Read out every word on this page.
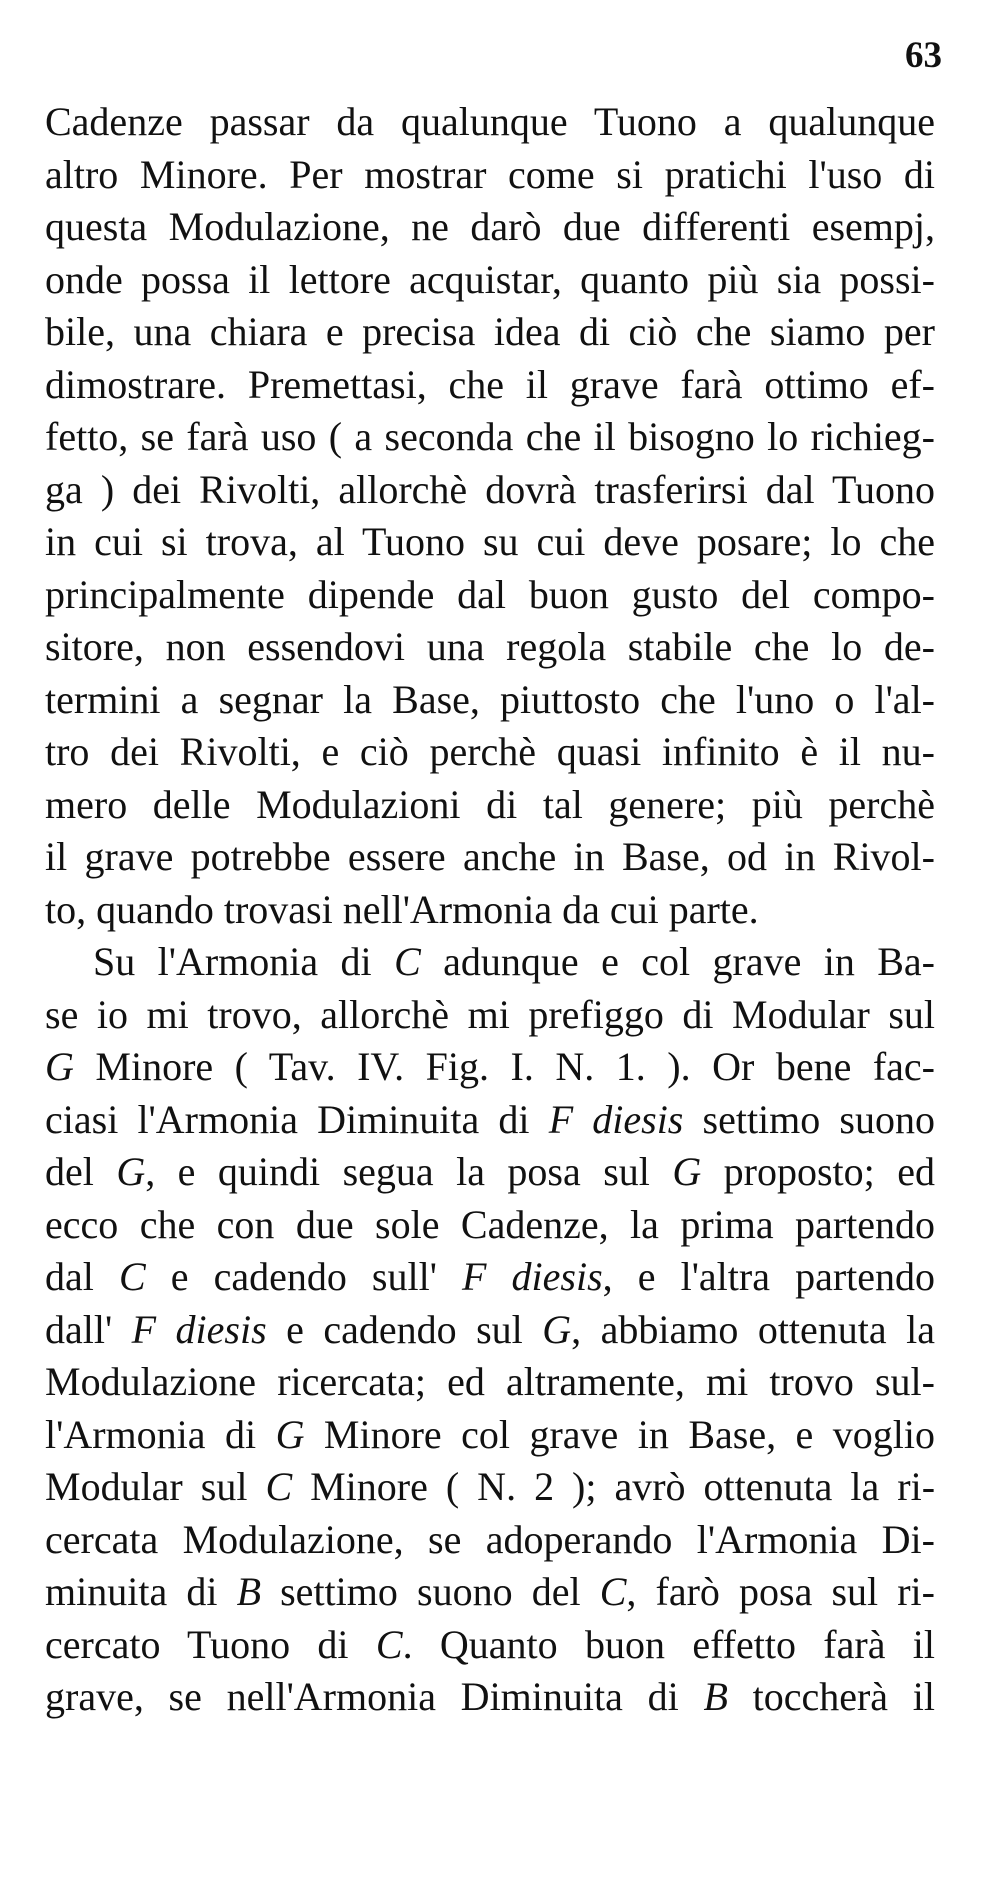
63
Cadenze passar da qualunque Tuono a qualunque
altro Minore. Per mostrar come si pratichi l'uso di
questa Modulazione, ne darò due differenti esempj,
onde possa il lettore acquistar, quanto più sia possi-
bile, una chiara e precisa idea di ciò che siamo per
dimostrare. Premettasi, che il grave farà ottimo ef-
fetto, se farà uso ( a seconda che il bisogno lo richieg-
ga ) dei Rivolti, allorchè dovrà trasferirsi dal Tuono
in cui si trova, al Tuono su cui deve posare; lo che
principalmente dipende dal buon gusto del compo-
sitore, non essendovi una regola stabile che lo de-
termini a segnar la Base, piuttosto che l'uno o l'al-
tro dei Rivolti, e ciò perchè quasi infinito è il nu-
mero delle Modulazioni di tal genere; più perchè
il grave potrebbe essere anche in Base, od in Rivol-
to, quando trovasi nell'Armonia da cui parte.
Su l'Armonia di C adunque e col grave in Ba-
se io mi trovo, allorchè mi prefiggo di Modular sul
G Minore ( Tav. IV. Fig. I. N. 1. ). Or bene fac-
ciasi l'Armonia Diminuita di F diesis settimo suono
del G, e quindi segua la posa sul G proposto; ed
ecco che con due sole Cadenze, la prima partendo
dal C e cadendo sull' F diesis, e l'altra partendo
dall' F diesis e cadendo sul G, abbiamo ottenuta la
Modulazione ricercata; ed altramente, mi trovo sul-
l'Armonia di G Minore col grave in Base, e voglio
Modular sul C Minore ( N. 2 ); avrò ottenuta la ri-
cercata Modulazione, se adoperando l'Armonia Di-
minuita di B settimo suono del C, farò posa sul ri-
cercato Tuono di C. Quanto buon effetto farà il
grave, se nell'Armonia Diminuita di B toccherà il
